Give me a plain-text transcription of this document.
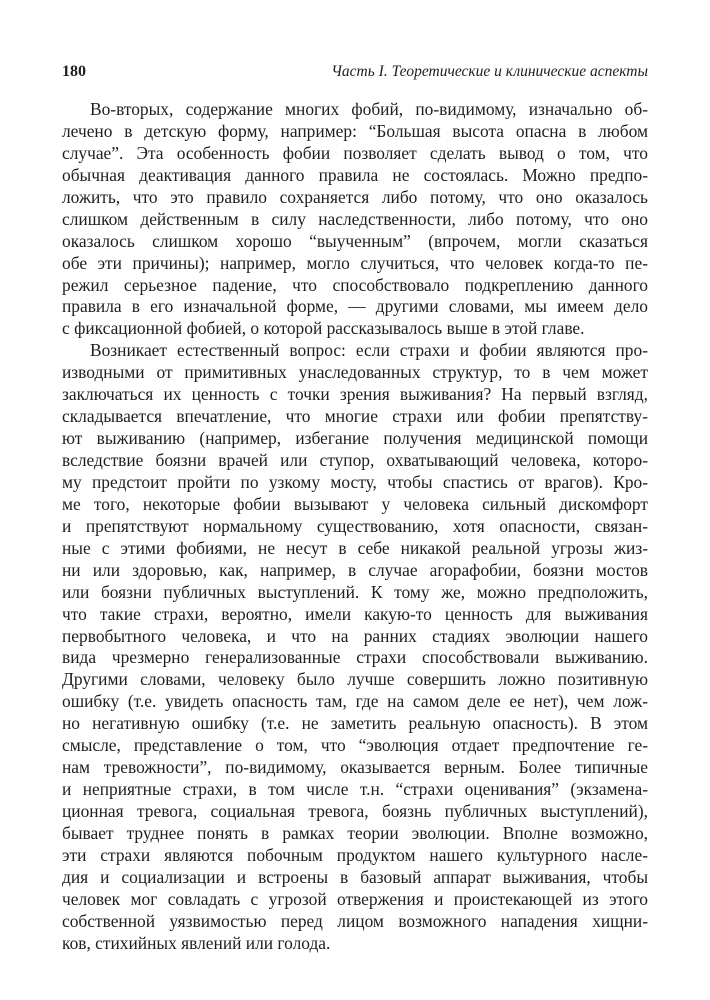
180	Часть I. Теоретические и клинические аспекты
Во-вторых, содержание многих фобий, по-видимому, изначально об-
лечено в детскую форму, например: “Большая высота опасна в любом
случае”. Эта особенность фобии позволяет сделать вывод о том, что
обычная деактивация данного правила не состоялась. Можно предпо-
ложить, что это правило сохраняется либо потому, что оно оказалось
слишком действенным в силу наследственности, либо потому, что оно
оказалось слишком хорошо “выученным” (впрочем, могли сказаться
обе эти причины); например, могло случиться, что человек когда-то пе-
режил серьезное падение, что способствовало подкреплению данного
правила в его изначальной форме, — другими словами, мы имеем дело
с фиксационной фобией, о которой рассказывалось выше в этой главе.
Возникает естественный вопрос: если страхи и фобии являются про-
изводными от примитивных унаследованных структур, то в чем может
заключаться их ценность с точки зрения выживания? На первый взгляд,
складывается впечатление, что многие страхи или фобии препятству-
ют выживанию (например, избегание получения медицинской помощи
вследствие боязни врачей или ступор, охватывающий человека, которо-
му предстоит пройти по узкому мосту, чтобы спастись от врагов). Кро-
ме того, некоторые фобии вызывают у человека сильный дискомфорт
и препятствуют нормальному существованию, хотя опасности, связан-
ные с этими фобиями, не несут в себе никакой реальной угрозы жиз-
ни или здоровью, как, например, в случае агорафобии, боязни мостов
или боязни публичных выступлений. К тому же, можно предположить,
что такие страхи, вероятно, имели какую-то ценность для выживания
первобытного человека, и что на ранних стадиях эволюции нашего
вида чрезмерно генерализованные страхи способствовали выживанию.
Другими словами, человеку было лучше совершить ложно позитивную
ошибку (т.е. увидеть опасность там, где на самом деле ее нет), чем лож-
но негативную ошибку (т.е. не заметить реальную опасность). В этом
смысле, представление о том, что “эволюция отдает предпочтение ге-
нам тревожности”, по-видимому, оказывается верным. Более типичные
и неприятные страхи, в том числе т.н. “страхи оценивания” (экзамена-
ционная тревога, социальная тревога, боязнь публичных выступлений),
бывает труднее понять в рамках теории эволюции. Вполне возможно,
эти страхи являются побочным продуктом нашего культурного насле-
дия и социализации и встроены в базовый аппарат выживания, чтобы
человек мог совладать с угрозой отвержения и проистекающей из этого
собственной уязвимостью перед лицом возможного нападения хищни-
ков, стихийных явлений или голода.
